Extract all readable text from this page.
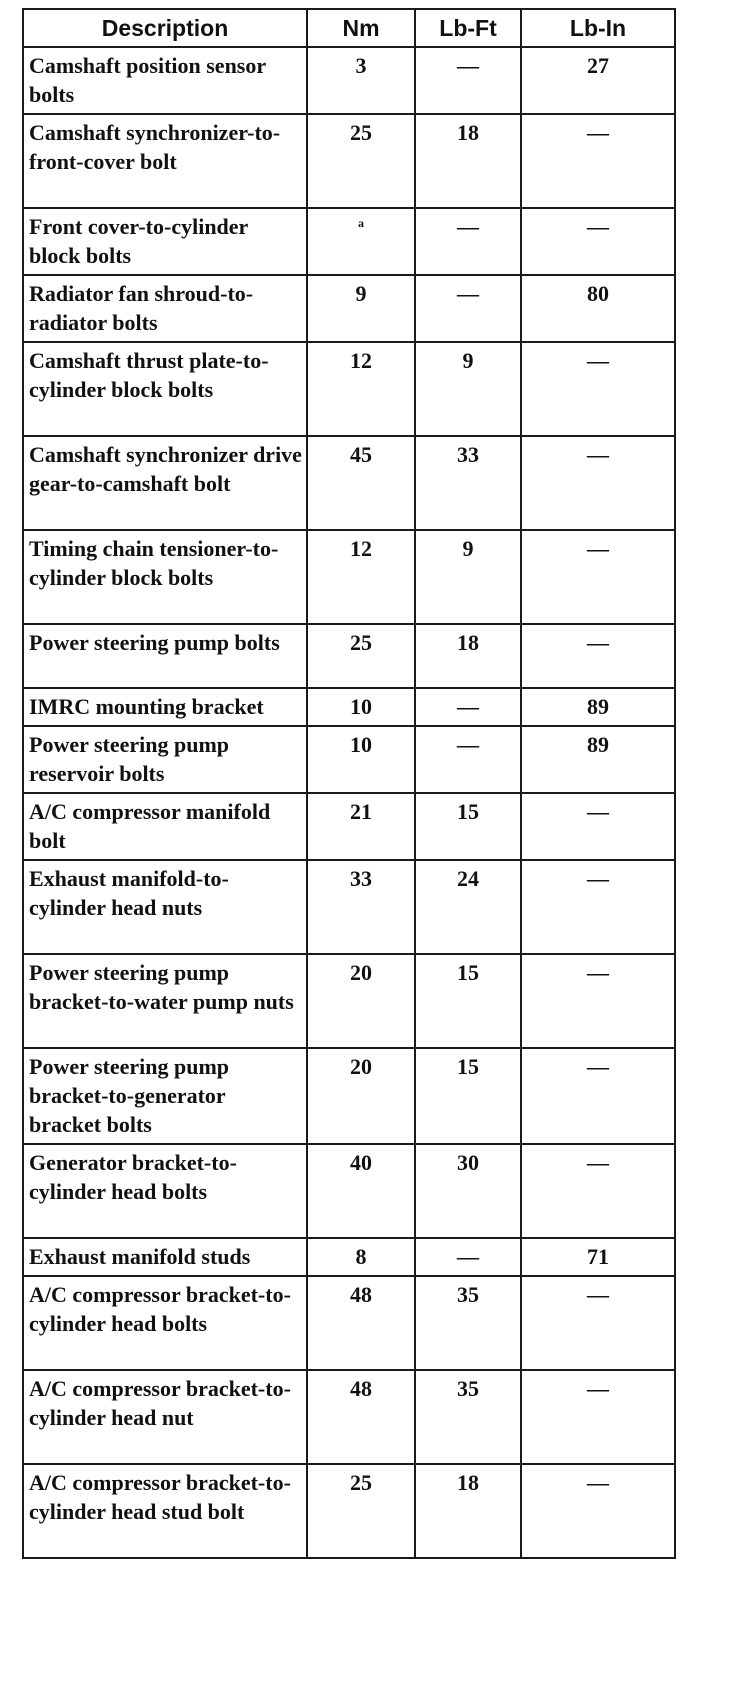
Description	Nm	Lb-Ft	Lb-In
Camshaft position sensor bolts	3	—	27
Camshaft synchronizer-to-front-cover bolt	25	18	—
Front cover-to-cylinder block bolts	$^a$	—	—
Radiator fan shroud-to-radiator bolts	9	—	80
Camshaft thrust plate-to-cylinder block bolts	12	9	—
Camshaft synchronizer drive gear-to-camshaft bolt	45	33	—
Timing chain tensioner-to-cylinder block bolts	12	9	—
Power steering pump bolts	25	18	—
IMRC mounting bracket	10	—	89
Power steering pump reservoir bolts	10	—	89
A/C compressor manifold bolt	21	15	—
Exhaust manifold-to-cylinder head nuts	33	24	—
Power steering pump bracket-to-water pump nuts	20	15	—
Power steering pump bracket-to-generator bracket bolts	20	15	—
Generator bracket-to-cylinder head bolts	40	30	—
Exhaust manifold studs	8	—	71
A/C compressor bracket-to-cylinder head bolts	48	35	—
A/C compressor bracket-to-cylinder head nut	48	35	—
A/C compressor bracket-to-cylinder head stud bolt	25	18	—
